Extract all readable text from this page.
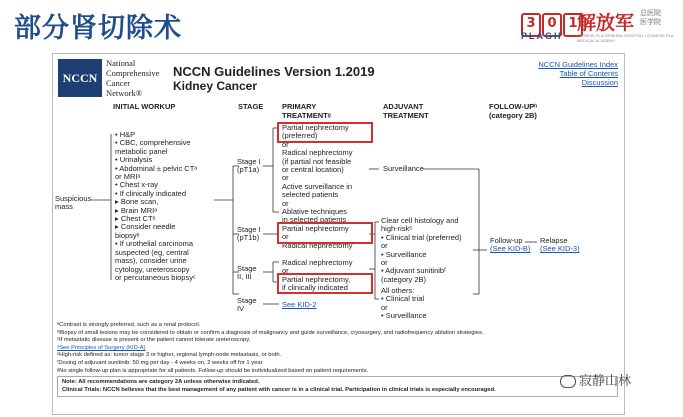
部分肾切除术	3 0 1 解放军 总医院
医学院
PLAGH	CHINESE PLA GENERAL HOSPITAL / CHINESE PLA MEDICAL ACADEMY
NCCN
National
Comprehensive
Cancer
Network®
NCCN Guidelines Version 1.2019
Kidney Cancer
NCCN Guidelines Index
Table of Contents
Discussion
INITIAL WORKUP	STAGE PRIMARY
TREATMENTᵍ
ADJUVANT
TREATMENT
FOLLOW-UPʰ
(category 2B)
Suspicious
mass
• H&P
• CBC, comprehensive
metabolic panel
• Urinalysis
• Abdominal ± pelvic CTᵃ
or MRIᵃ
• Chest x-ray
• If clinically indicated
▸ Bone scan,
▸ Brain MRIᵃ
▸ Chest CTᵃ
▸ Consider needle
biopsyᵇ
• If urothelial carcinoma
suspected (eg, central
mass), consider urine
cytology, ureteroscopy
or percutaneous biopsyᶜ
Stage I
(pT1a)
Stage I
(pT1b)
Stage
II, III
Stage
IV
Partial nephrectomy
(preferred)
or
Radical nephrectomy
(if partial not feasible
or central location)
or
Active surveillance in
selected patients
or
Ablative techniques
in selected patients
Partial nephrectomy
or
Radical nephrectomy
Radical nephrectomy
or
Partial nephrectomy,
if clinically indicated
See KID-2
Surveillance
Clear cell histology and
high-riskᵉ
• Clinical trial (preferred)
or
• Surveillance
or
• Adjuvant sunitinibᶠ
(category 2B)
All others:
• Clinical trial
or
• Surveillance
Follow-up
(See KID-B)
Relapse
(See KID-3)
ᵃContrast is strongly preferred, such as a renal protocol.
ᵇBiopsy of small lesions may be considered to obtain or confirm a diagnosis of malignancy and guide surveillance, cryosurgery, and radiofrequency ablation strategies.
ᶜIf metastatic disease is present or the patient cannot tolerate ureteroscopy.
ᵈSee Principles of Surgery (KID-A)
ᵉHigh-risk defined as: tumor stage 3 or higher, regional lymph-node metastasis, or both.
ᶠDosing of adjuvant sunitinib: 50 mg per day - 4 weeks on, 2 weeks off for 1 year
ᵍNo single follow-up plan is appropriate for all patients. Follow-up should be individualized based on patient requirements.
Note: All recommendations are category 2A unless otherwise indicated.
Clinical Trials: NCCN believes that the best management of any patient with cancer is in a clinical trial. Participation in clinical trials is especially encouraged.
寂静山林
